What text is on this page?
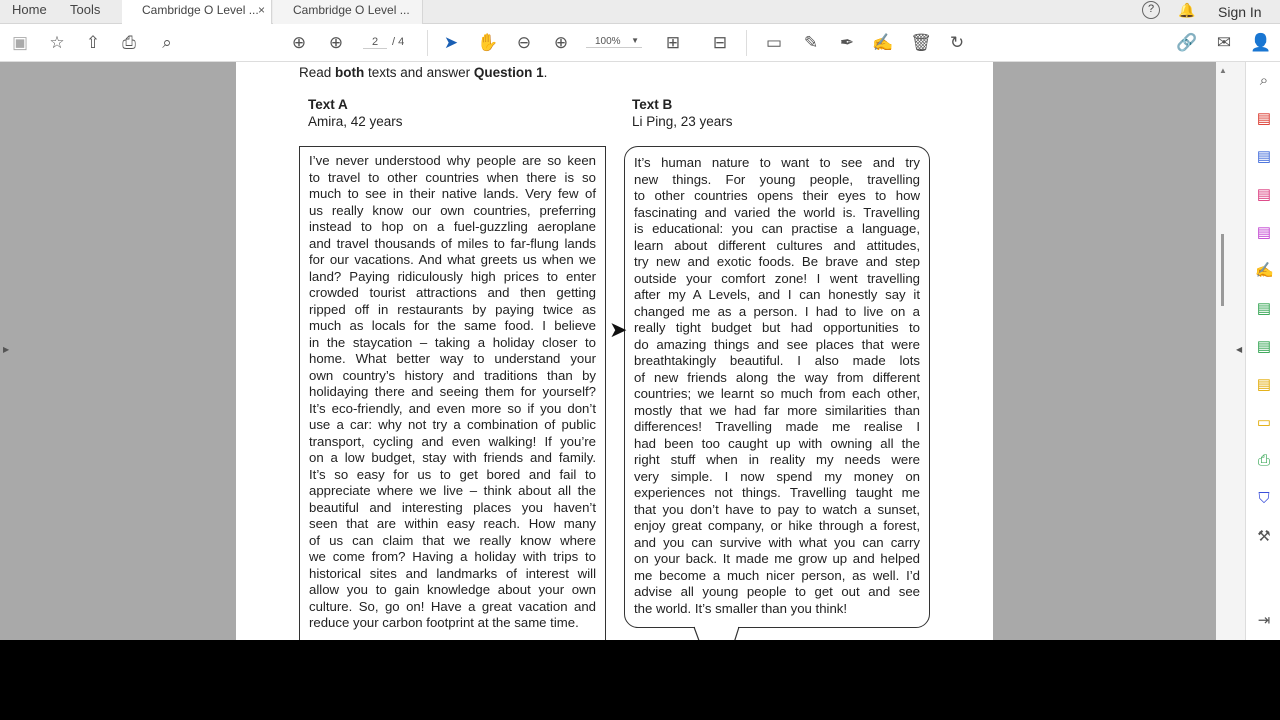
Home Tools	Cambridge O Level ... ×	Cambridge O Level ...	?	🔔 Sign In
▣ ☆ ⇧ ⎙	⌕	⊕ ⊕	2	/ 4 ➤ ✋ ⊖ ⊕	100% ▼ ⊞ ⊟ ▭ ✎ ✒ ✍ 🗑 ↻	🔗 ✉ 👤
▶
Read both texts and answer Question 1.
Text A
Amira, 42 years
Text B
Li Ping, 23 years
I’ve never understood why people are so keen
to travel to other countries when there is so
much to see in their native lands. Very few of
us really know our own countries, preferring
instead to hop on a fuel-guzzling aeroplane
and travel thousands of miles to far-flung lands
for our vacations. And what greets us when we
land? Paying ridiculously high prices to enter
crowded tourist attractions and then getting
ripped off in restaurants by paying twice as
much as locals for the same food. I believe
in the staycation – taking a holiday closer to
home. What better way to understand your
own country’s history and traditions than by
holidaying there and seeing them for yourself?
It’s eco-friendly, and even more so if you don’t
use a car: why not try a combination of public
transport, cycling and even walking! If you’re
on a low budget, stay with friends and family.
It’s so easy for us to get bored and fail to
appreciate where we live – think about all the
beautiful and interesting places you haven’t
seen that are within easy reach. How many
of us can claim that we really know where
we come from? Having a holiday with trips to
historical sites and landmarks of interest will
allow you to gain knowledge about your own
culture. So, go on! Have a great vacation and
reduce your carbon footprint at the same time.
It’s human nature to want to see and try
new things. For young people, travelling
to other countries opens their eyes to how
fascinating and varied the world is. Travelling
is educational: you can practise a language,
learn about different cultures and attitudes,
try new and exotic foods. Be brave and step
outside your comfort zone! I went travelling
after my A Levels, and I can honestly say it
changed me as a person. I had to live on a
really tight budget but had opportunities to
do amazing things and see places that were
breathtakingly beautiful. I also made lots
of new friends along the way from different
countries; we learnt so much from each other,
mostly that we had far more similarities than
differences! Travelling made me realise I
had been too caught up with owning all the
right stuff when in reality my needs were
very simple. I now spend my money on
experiences not things. Travelling taught me
that you don’t have to pay to watch a sunset,
enjoy great company, or hike through a forest,
and you can survive with what you can carry
on your back. It made me grow up and helped
me become a much nicer person, as well. I’d
advise all young people to get out and see
the world. It’s smaller than you think!
➤
▲
⌕
▤
▤
▤
▤
✍
▤
▤
▤
▭
⎙
⛉
⚒
⇥
◀
